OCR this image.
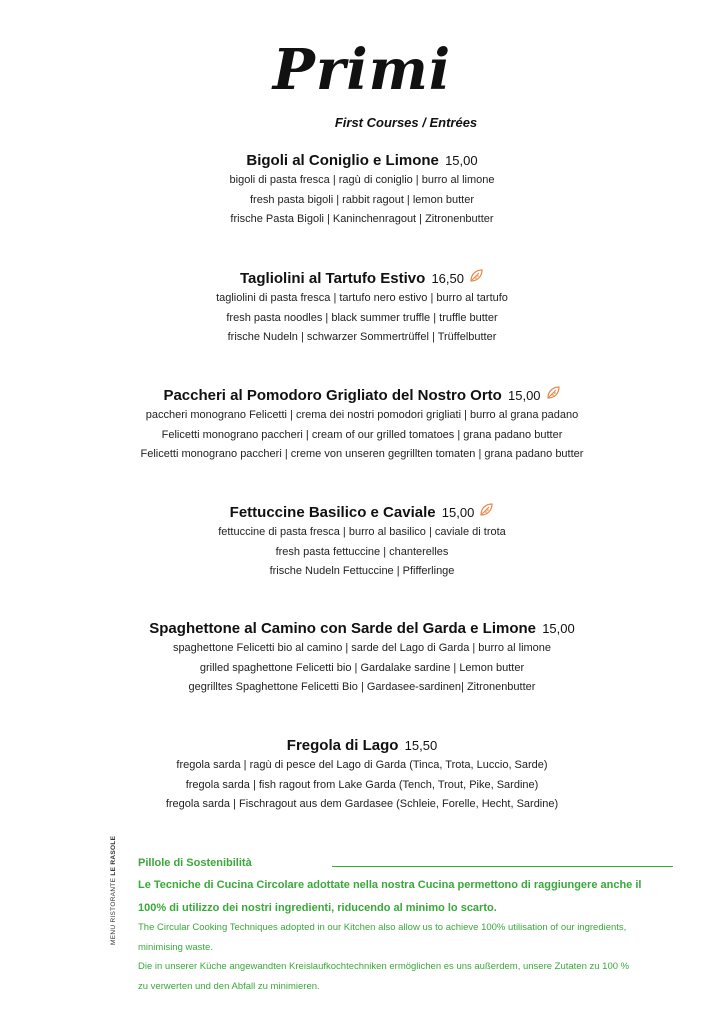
Primi
First Courses / Entrées
Bigoli al Coniglio e Limone 15,00
bigoli di pasta fresca | ragù di coniglio | burro al limone
fresh pasta bigoli | rabbit ragout | lemon butter
frische Pasta Bigoli | Kaninchenragout | Zitronenbutter
Tagliolini al Tartufo Estivo 16,50
tagliolini di pasta fresca | tartufo nero estivo | burro al tartufo
fresh pasta noodles | black summer truffle | truffle butter
frische Nudeln | schwarzer Sommertrüffel | Trüffelbutter
Paccheri al Pomodoro Grigliato del Nostro Orto 15,00
paccheri monograno Felicetti | crema dei nostri pomodori grigliati | burro al grana padano
Felicetti monograno paccheri | cream of our grilled tomatoes | grana padano butter
Felicetti monograno paccheri | creme von unseren gegrillten tomaten | grana padano butter
Fettuccine Basilico e Caviale 15,00
fettuccine di pasta fresca | burro al basilico | caviale di trota
fresh pasta fettuccine | chanterelles
frische Nudeln Fettuccine | Pfifferlinge
Spaghettone al Camino con Sarde del Garda e Limone 15,00
spaghettone Felicetti bio al camino | sarde del Lago di Garda | burro al limone
grilled spaghettone Felicetti bio | Gardalake sardine | Lemon butter
gegrilltes Spaghettone Felicetti Bio | Gardasee-sardinen| Zitronenbutter
Fregola di Lago 15,50
fregola sarda | ragù di pesce del Lago di Garda (Tinca, Trota, Luccio, Sarde)
fregola sarda | fish ragout from Lake Garda (Tench, Trout, Pike, Sardine)
fregola sarda | Fischragout aus dem Gardasee (Schleie, Forelle, Hecht, Sardine)
MENU RISTORANTE LE RASOLE Pillole di Sostenibilità
Le Tecniche di Cucina Circolare adottate nella nostra Cucina permettono di raggiungere anche il
100% di utilizzo dei nostri ingredienti, riducendo al minimo lo scarto.
The Circular Cooking Techniques adopted in our Kitchen also allow us to achieve 100% utilisation of our ingredients,
minimising waste.
Die in unserer Küche angewandten Kreislaufkochtechniken ermöglichen es uns außerdem, unsere Zutaten zu 100 %
zu verwerten und den Abfall zu minimieren.
